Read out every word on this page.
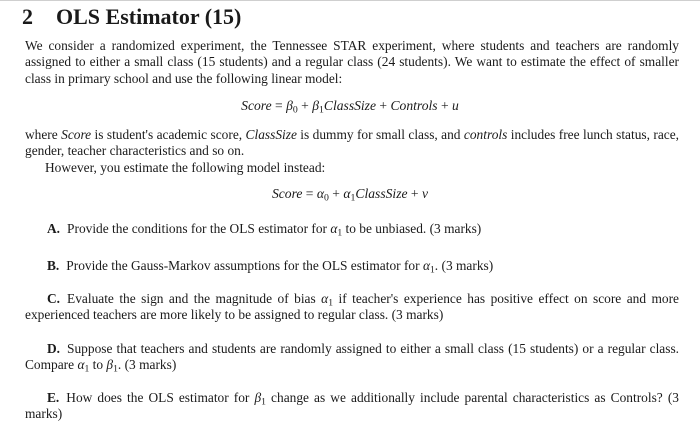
2 OLS Estimator (15)
We consider a randomized experiment, the Tennessee STAR experiment, where students and teachers are randomly assigned to either a small class (15 students) and a regular class (24 students). We want to estimate the effect of smaller class in primary school and use the following linear model:
Score = $\beta_0$ + $\beta_1ClassSize$ + Controls + u
where Score is student's academic score, ClassSize is dummy for small class, and controls includes free lunch status, race, gender, teacher characteristics and so on.
However, you estimate the following model instead:
Score = $\alpha_0$ + $\alpha_1ClassSize + v$
A. Provide the conditions for the OLS estimator for $\alpha_1$ to be unbiased. (3 marks)
B. Provide the Gauss-Markov assumptions for the OLS estimator for $\alpha_1$. (3 marks)
C. Evaluate the sign and the magnitude of bias $\alpha_1$ if teacher's experience has positive effect on score and more experienced teachers are more likely to be assigned to regular class. (3 marks)
D. Suppose that teachers and students are randomly assigned to either a small class (15 students) or a regular class. Compare $\alpha_1$ to $\beta_1$. (3 marks)
E. How does the OLS estimator for $\beta_1$ change as we additionally include parental characteristics as Controls? (3 marks)
